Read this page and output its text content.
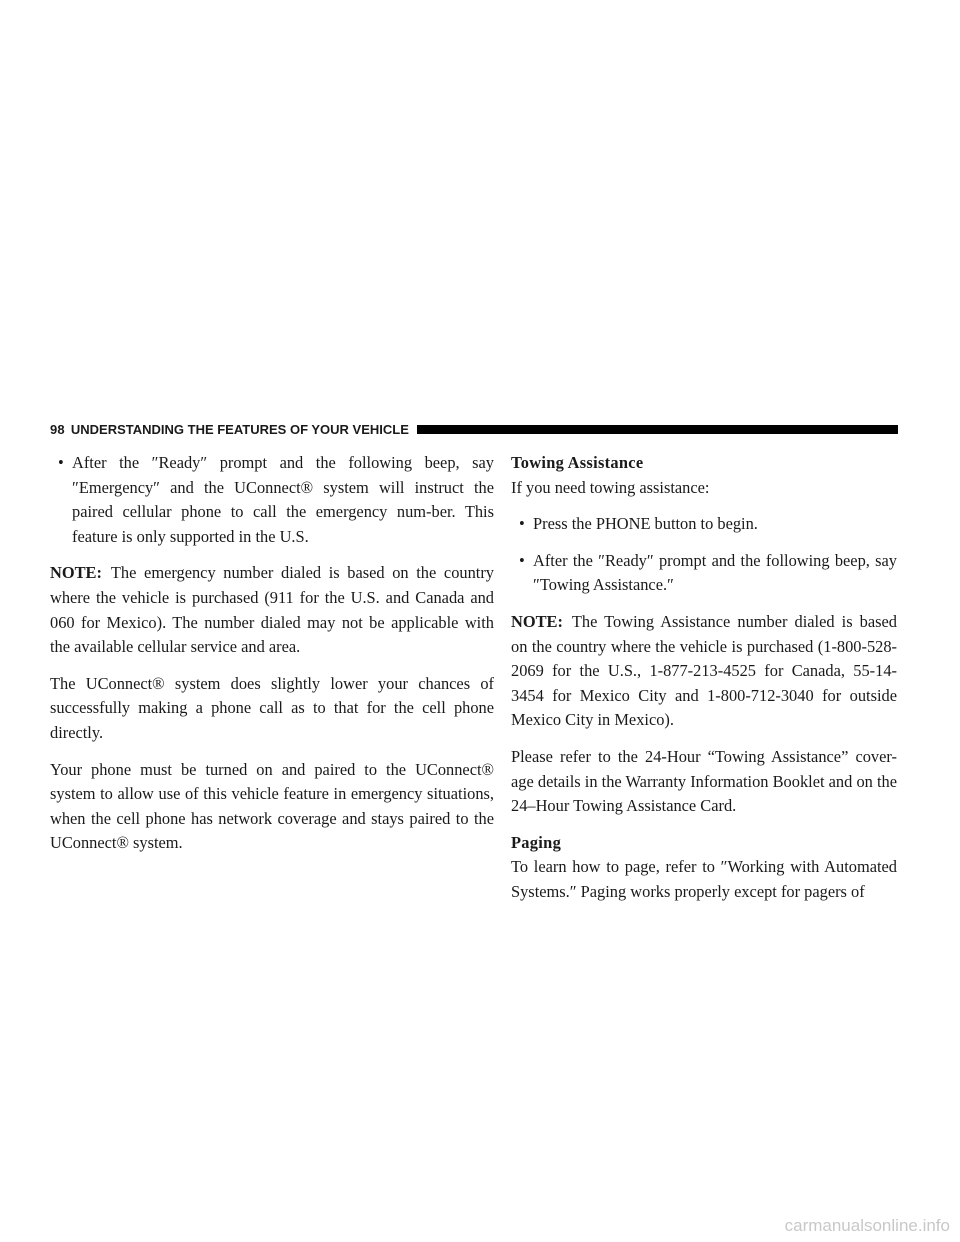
98 UNDERSTANDING THE FEATURES OF YOUR VEHICLE
• After the ″Ready″ prompt and the following beep, say ″Emergency″ and the UConnect® system will instruct the paired cellular phone to call the emergency num-ber. This feature is only supported in the U.S.

NOTE: The emergency number dialed is based on the country where the vehicle is purchased (911 for the U.S. and Canada and 060 for Mexico). The number dialed may not be applicable with the available cellular service and area.

The UConnect® system does slightly lower your chances of successfully making a phone call as to that for the cell phone directly.

Your phone must be turned on and paired to the UConnect® system to allow use of this vehicle feature in emergency situations, when the cell phone has network coverage and stays paired to the UConnect® system.

Towing Assistance

If you need towing assistance:

• Press the PHONE button to begin.
• After the ″Ready″ prompt and the following beep, say ″Towing Assistance.″

NOTE: The Towing Assistance number dialed is based on the country where the vehicle is purchased (1-800-528-2069 for the U.S., 1-877-213-4525 for Canada, 55-14-3454 for Mexico City and 1-800-712-3040 for outside Mexico City in Mexico).

Please refer to the 24-Hour “Towing Assistance” cover-age details in the Warranty Information Booklet and on the 24–Hour Towing Assistance Card.

Paging

To learn how to page, refer to ″Working with Automated Systems.″ Paging works properly except for pagers of

carmanualsonline.info
